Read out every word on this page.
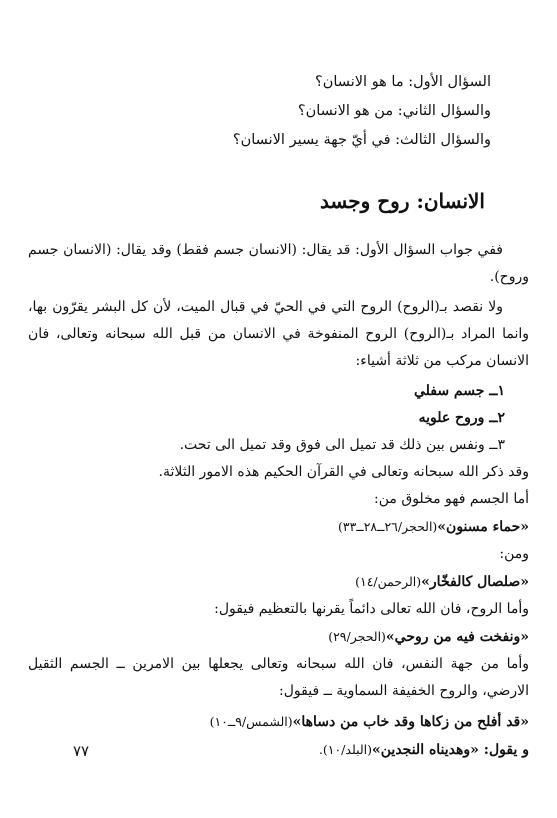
السؤال الأول: ما هو الانسان؟
والسؤال الثاني: من هو الانسان؟
والسؤال الثالث: في أيّ جهة يسير الانسان؟
الانسان: روح وجسد
ففي جواب السؤال الأول: قد يقال: (الانسان جسم فقط) وقد يقال: (الانسان جسم وروح).
ولا نقصد بـ(الروح) الروح التي في الحيّ في قبال الميت، لأن كل البشر يقرّون بها، وانما المراد بـ(الروح) الروح المنفوخة في الانسان من قبل الله سبحانه وتعالى، فان الانسان مركب من ثلاثة أشياء:
١ــ جسم سفلي
٢ــ وروح علويه
٣ــ ونفس بين ذلك قد تميل الى فوق وقد تميل الى تحت.
وقد ذكر الله سبحانه وتعالى في القرآن الحكيم هذه الامور الثلاثة.
أما الجسم فهو مخلوق من:
«حماء مسنون»(الحجر/٢٦ــ٢٨ــ٣٣)
ومن:
«صلصال كالفخّار»(الرحمن/١٤)
وأما الروح، فان الله تعالى دائماً يقرنها بالتعظيم فيقول:
«ونفخت فيه من روحي»(الحجر/٢٩)
وأما من جهة النفس، فان الله سبحانه وتعالى يجعلها بين الامرين ــ الجسم الثقيل الارضي، والروح الخفيفة السماوية ــ فيقول:
«قد أفلح من زكاها وقد خاب من دساها»(الشمس/٩ــ١٠)
و يقول: «وهديناه النجدين»(البلد/١٠).
٧٧
